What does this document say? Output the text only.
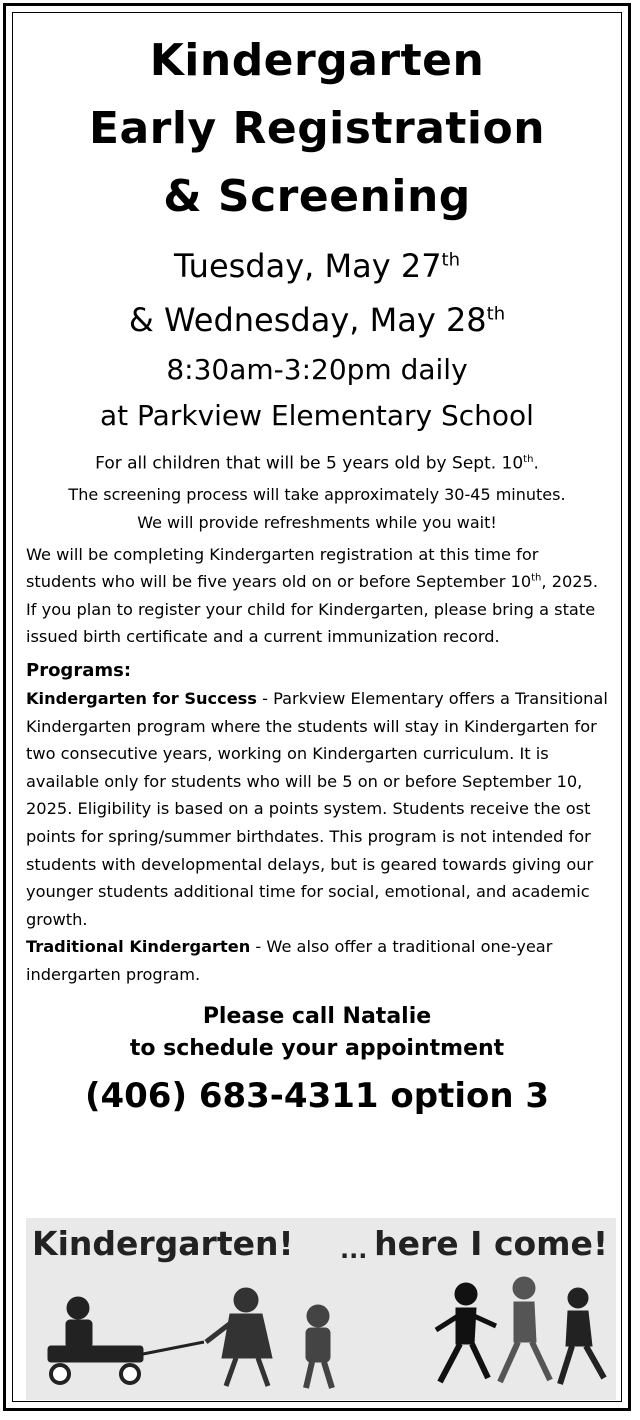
Kindergarten
Early Registration
& Screening
Tuesday, May 27th
& Wednesday, May 28th
8:30am-3:20pm daily
at Parkview Elementary School
For all children that will be 5 years old by Sept. 10th.
The screening process will take approximately 30-45 minutes.
We will provide refreshments while you wait!
We will be completing Kindergarten registration at this time for students who will be five years old on or before September 10th, 2025. If you plan to register your child for Kindergarten, please bring a state issued birth certificate and a current immunization record.
Programs:
Kindergarten for Success - Parkview Elementary offers a Transitional Kindergarten program where the students will stay in Kindergarten for two consecutive years, working on Kindergarten curriculum. It is available only for students who will be 5 on or before September 10, 2025. Eligibility is based on a points system. Students receive the ost points for spring/summer birthdates. This program is not intended for students with developmental delays, but is geared towards giving our younger students additional time for social, emotional, and academic growth.
Traditional Kindergarten - We also offer a traditional one-year indergarten program.
Please call Natalie
to schedule your appointment
(406) 683-4311 option 3
Kindergarten! ... here I come!
